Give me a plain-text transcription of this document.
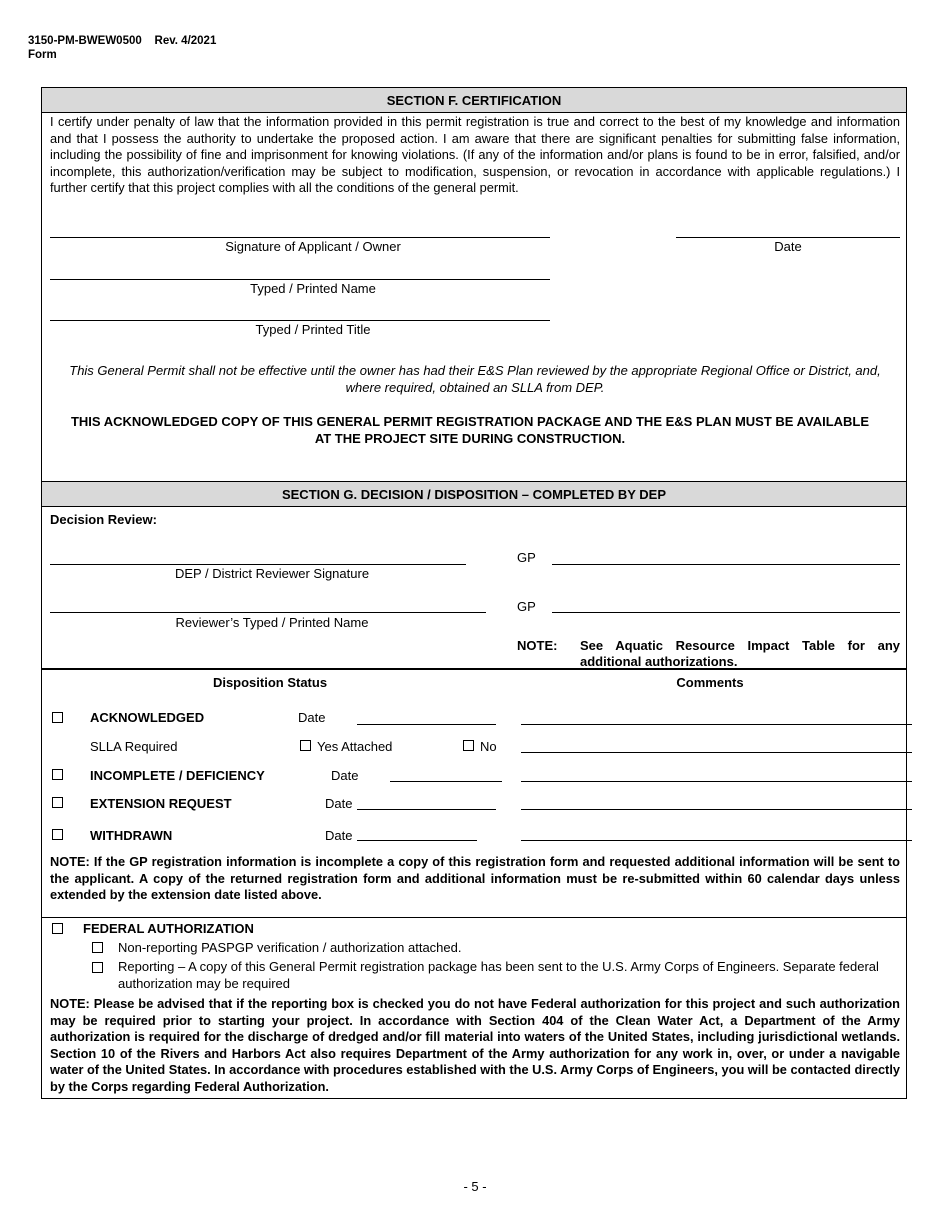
3150-PM-BWEW0500 Rev. 4/2021
Form
SECTION F. CERTIFICATION
I certify under penalty of law that the information provided in this permit registration is true and correct to the best of my knowledge and information and that I possess the authority to undertake the proposed action. I am aware that there are significant penalties for submitting false information, including the possibility of fine and imprisonment for knowing violations. (If any of the information and/or plans is found to be in error, falsified, and/or incomplete, this authorization/verification may be subject to modification, suspension, or revocation in accordance with applicable regulations.) I further certify that this project complies with all the conditions of the general permit.
Signature of Applicant / Owner	Date
Typed / Printed Name
Typed / Printed Title
This General Permit shall not be effective until the owner has had their E&S Plan reviewed by the appropriate Regional Office or District, and, where required, obtained an SLLA from DEP.
THIS ACKNOWLEDGED COPY OF THIS GENERAL PERMIT REGISTRATION PACKAGE AND THE E&S PLAN MUST BE AVAILABLE AT THE PROJECT SITE DURING CONSTRUCTION.
SECTION G. DECISION / DISPOSITION – COMPLETED BY DEP
Decision Review:
DEP / District Reviewer Signature
GP
Reviewer’s Typed / Printed Name
GP
NOTE: See Aquatic Resource Impact Table for any additional authorizations.
Disposition Status	Comments
ACKNOWLEDGED	Date
SLLA Required	Yes Attached	No
INCOMPLETE / DEFICIENCY	Date
EXTENSION REQUEST	Date
WITHDRAWN	Date
NOTE: If the GP registration information is incomplete a copy of this registration form and requested additional information will be sent to the applicant. A copy of the returned registration form and additional information must be re-submitted within 60 calendar days unless extended by the extension date listed above.
FEDERAL AUTHORIZATION
Non-reporting PASPGP verification / authorization attached.
Reporting – A copy of this General Permit registration package has been sent to the U.S. Army Corps of Engineers. Separate federal authorization may be required
NOTE: Please be advised that if the reporting box is checked you do not have Federal authorization for this project and such authorization may be required prior to starting your project. In accordance with Section 404 of the Clean Water Act, a Department of the Army authorization is required for the discharge of dredged and/or fill material into waters of the United States, including jurisdictional wetlands. Section 10 of the Rivers and Harbors Act also requires Department of the Army authorization for any work in, over, or under a navigable water of the United States. In accordance with procedures established with the U.S. Army Corps of Engineers, you will be contacted directly by the Corps regarding Federal Authorization.
- 5 -
